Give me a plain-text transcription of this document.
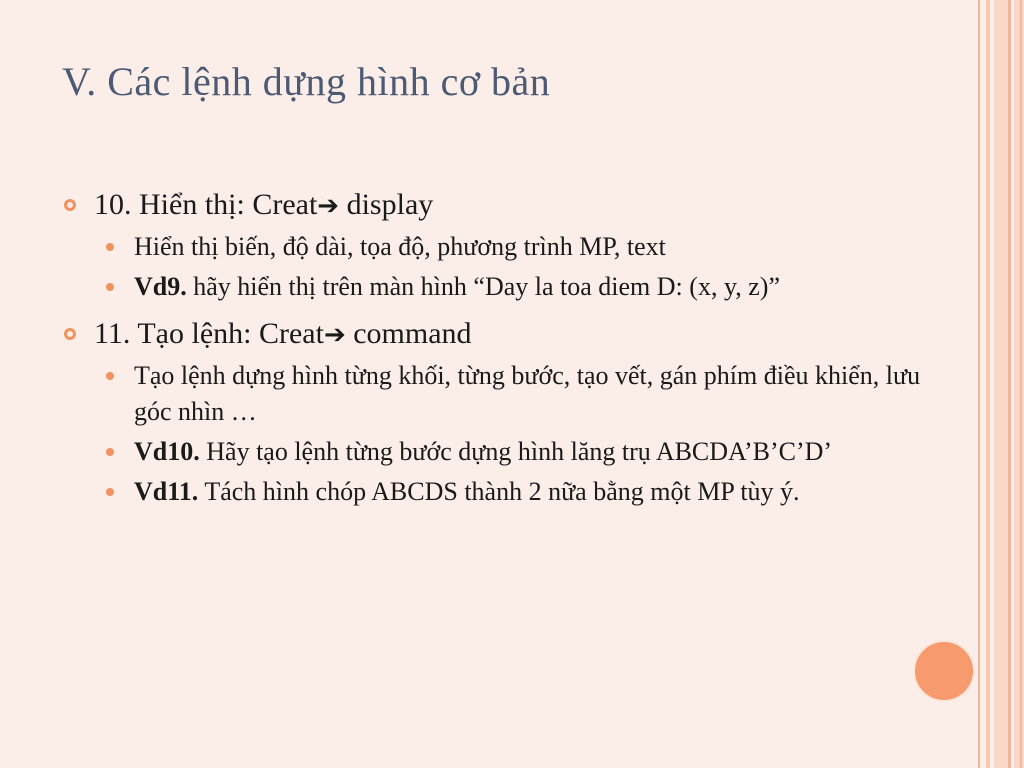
V. Các lệnh dựng hình cơ bản
10. Hiển thị: Creat➔ display
Hiển thị biến, độ dài, tọa độ, phương trình MP, text
Vd9. hãy hiển thị trên màn hình “Day la toa diem D: (x, y, z)”
11. Tạo lệnh: Creat➔ command
Tạo lệnh dựng hình từng khối, từng bước, tạo vết, gán phím điều khiển, lưu góc nhìn …
Vd10. Hãy tạo lệnh từng bước dựng hình lăng trụ ABCDA’B’C’D’
Vd11. Tách hình chóp ABCDS thành 2 nữa bằng một MP tùy ý.
